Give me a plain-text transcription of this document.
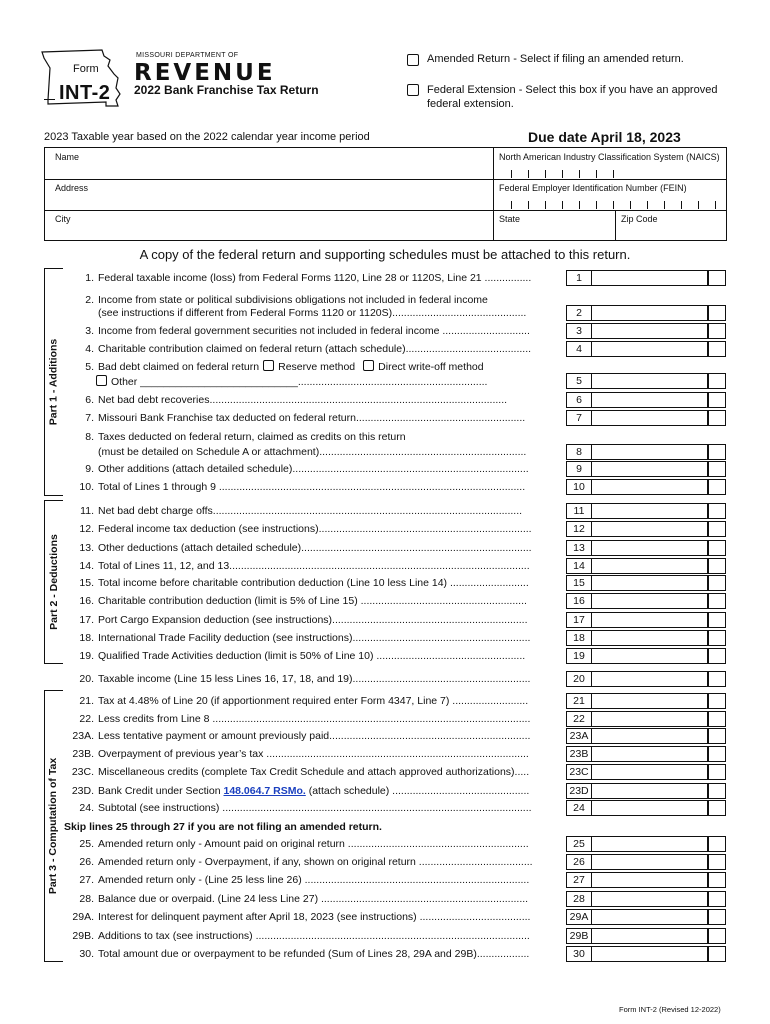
Form
INT-2
MISSOURI DEPARTMENT OF
REVENUE
2022 Bank Franchise Tax Return
Amended Return - Select if filing an amended return.
Federal Extension - Select this box if you have an approved
federal extension.
2023 Taxable year based on the 2022 calendar year income period	Due date April 18, 2023
Name	North American Industry Classification System (NAICS)
Address	Federal Employer Identification Number (FEIN)
City	State	Zip Code
A copy of the federal return and supporting schedules must be attached to this return.
Part 1 - Additions
Part 2 - Deductions
Part 3 - Computation of Tax
1. Federal taxable income (loss) from Federal Forms 1120, Line 28 or 1120S, Line 21 ................	1
2. Income from state or political subdivisions obligations not included in federal income
(see instructions if different from Federal Forms 1120 or 1120S)..............................................	2
3. Income from federal government securities not included in federal income ..............................	3
4. Charitable contribution claimed on federal return (attach schedule)...........................................	4
5. Bad debt claimed on federal return Reserve method Direct write-off method
Other ___________________________.................................................................	5
6. Net bad debt recoveries......................................................................................................	6
7. Missouri Bank Franchise tax deducted on federal return..........................................................	7
8. Taxes deducted on federal return, claimed as credits on this return
(must be detailed on Schedule A or attachment).......................................................................	8
9. Other additions (attach detailed schedule).................................................................................	9
10. Total of Lines 1 through 9 .........................................................................................................	10
11. Net bad debt charge offs..........................................................................................................	11
12. Federal income tax deduction (see instructions).........................................................................	12
13. Other deductions (attach detailed schedule)...............................................................................	13
14. Total of Lines 11, 12, and 13.......................................................................................................	14
15. Total income before charitable contribution deduction (Line 10 less Line 14) ...........................	15
16. Charitable contribution deduction (limit is 5% of Line 15) .........................................................	16
17. Port Cargo Expansion deduction (see instructions)...................................................................	17
18. International Trade Facility deduction (see instructions).............................................................	18
19. Qualified Trade Activities deduction (limit is 50% of Line 10) ...................................................	19
20. Taxable income (Line 15 less Lines 16, 17, 18, and 19).............................................................	20
21. Tax at 4.48% of Line 20 (if apportionment required enter Form 4347, Line 7) ..........................	21
22. Less credits from Line 8 .............................................................................................................	22
23A. Less tentative payment or amount previously paid.....................................................................	23A
23B. Overpayment of previous year’s tax ..........................................................................................	23B
23C. Miscellaneous credits (complete Tax Credit Schedule and attach approved authorizations).....	23C
23D. Bank Credit under Section 148.064.7 RSMo. (attach schedule) ...............................................	23D
24. Subtotal (see instructions) ..........................................................................................................	24
Skip lines 25 through 27 if you are not filing an amended return.
25. Amended return only - Amount paid on original return ..............................................................	25
26. Amended return only - Overpayment, if any, shown on original return .......................................	26
27. Amended return only - (Line 25 less line 26) .............................................................................	27
28. Balance due or overpaid. (Line 24 less Line 27) .......................................................................	28
29A. Interest for delinquent payment after April 18, 2023 (see instructions) ......................................	29A
29B. Additions to tax (see instructions) ..............................................................................................	29B
30. Total amount due or overpayment to be refunded (Sum of Lines 28, 29A and 29B)..................	30
Form INT-2 (Revised 12-2022)
